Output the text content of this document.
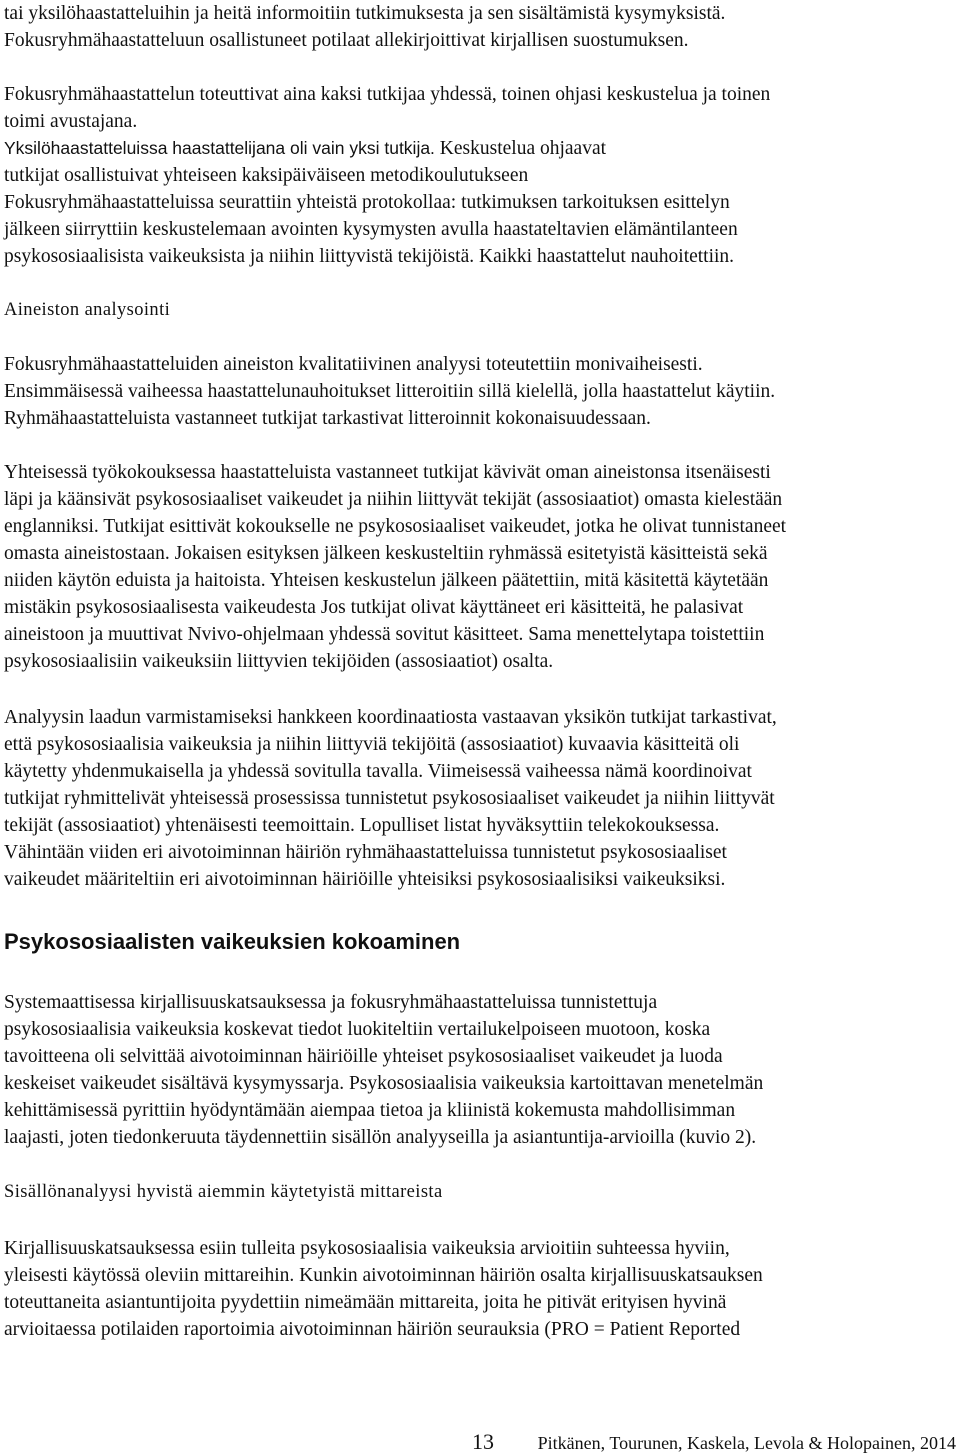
tai yksilöhaastatteluihin ja heitä informoitiin tutkimuksesta ja sen sisältämistä kysymyksistä.
Fokusryhmähaastatteluun osallistuneet potilaat allekirjoittivat kirjallisen suostumuksen.
Fokusryhmähaastattelun toteuttivat aina kaksi tutkijaa yhdessä, toinen ohjasi keskustelua ja toinen
toimi avustajana.
Yksilöhaastatteluissa haastattelijana oli vain yksi tutkija. Keskustelua ohjaavat
tutkijat osallistuivat yhteiseen kaksipäiväiseen metodikoulutukseen
Fokusryhmähaastatteluissa seurattiin yhteistä protokollaa: tutkimuksen tarkoituksen esittelyn
jälkeen siirryttiin keskustelemaan avointen kysymysten avulla haastateltavien elämäntilanteen
psykososiaalisista vaikeuksista ja niihin liittyvistä tekijöistä. Kaikki haastattelut nauhoitettiin.
Aineiston analysointi
Fokusryhmähaastatteluiden aineiston kvalitatiivinen analyysi toteutettiin monivaiheisesti.
Ensimmäisessä vaiheessa haastattelunauhoitukset litteroitiin sillä kielellä, jolla haastattelut käytiin.
Ryhmähaastatteluista vastanneet tutkijat tarkastivat litteroinnit kokonaisuudessaan.
Yhteisessä työkokouksessa haastatteluista vastanneet tutkijat kävivät oman aineistonsa itsenäisesti
läpi ja käänsivät psykososiaaliset vaikeudet ja niihin liittyvät tekijät (assosiaatiot) omasta kielestään
englanniksi. Tutkijat esittivät kokoukselle ne psykososiaaliset vaikeudet, jotka he olivat tunnistaneet
omasta aineistostaan. Jokaisen esityksen jälkeen keskusteltiin ryhmässä esitetyistä käsitteistä sekä
niiden käytön eduista ja haitoista. Yhteisen keskustelun jälkeen päätettiin, mitä käsitettä käytetään
mistäkin psykososiaalisesta vaikeudesta Jos tutkijat olivat käyttäneet eri käsitteitä, he palasivat
aineistoon ja muuttivat Nvivo-ohjelmaan yhdessä sovitut käsitteet. Sama menettelytapa toistettiin
psykososiaalisiin vaikeuksiin liittyvien tekijöiden (assosiaatiot) osalta.
Analyysin laadun varmistamiseksi hankkeen koordinaatiosta vastaavan yksikön tutkijat tarkastivat,
että psykososiaalisia vaikeuksia ja niihin liittyviä tekijöitä (assosiaatiot) kuvaavia käsitteitä oli
käytetty yhdenmukaisella ja yhdessä sovitulla tavalla. Viimeisessä vaiheessa nämä koordinoivat
tutkijat ryhmittelivät yhteisessä prosessissa tunnistetut psykososiaaliset vaikeudet ja niihin liittyvät
tekijät (assosiaatiot) yhtenäisesti teemoittain. Lopulliset listat hyväksyttiin telekokouksessa.
Vähintään viiden eri aivotoiminnan häiriön ryhmähaastatteluissa tunnistetut psykososiaaliset
vaikeudet määriteltiin eri aivotoiminnan häiriöille yhteisiksi psykososiaalisiksi vaikeuksiksi.
Psykososiaalisten vaikeuksien kokoaminen
Systemaattisessa kirjallisuuskatsauksessa ja fokusryhmähaastatteluissa tunnistettuja
psykososiaalisia vaikeuksia koskevat tiedot luokiteltiin vertailukelpoiseen muotoon, koska
tavoitteena oli selvittää aivotoiminnan häiriöille yhteiset psykososiaaliset vaikeudet ja luoda
keskeiset vaikeudet sisältävä kysymyssarja. Psykososiaalisia vaikeuksia kartoittavan menetelmän
kehittämisessä pyrittiin hyödyntämään aiempaa tietoa ja kliinistä kokemusta mahdollisimman
laajasti, joten tiedonkeruuta täydennettiin sisällön analyyseilla ja asiantuntija-arvioilla (kuvio 2).
Sisällönanalyysi hyvistä aiemmin käytetyistä mittareista
Kirjallisuuskatsauksessa esiin tulleita psykososiaalisia vaikeuksia arvioitiin suhteessa hyviin,
yleisesti käytössä oleviin mittareihin. Kunkin aivotoiminnan häiriön osalta kirjallisuuskatsauksen
toteuttaneita asiantuntijoita pyydettiin nimeämään mittareita, joita he pitivät erityisen hyvinä
arvioitaessa potilaiden raportoimia aivotoiminnan häiriön seurauksia (PRO = Patient Reported
13 Pitkänen, Tourunen, Kaskela, Levola & Holopainen, 2014
